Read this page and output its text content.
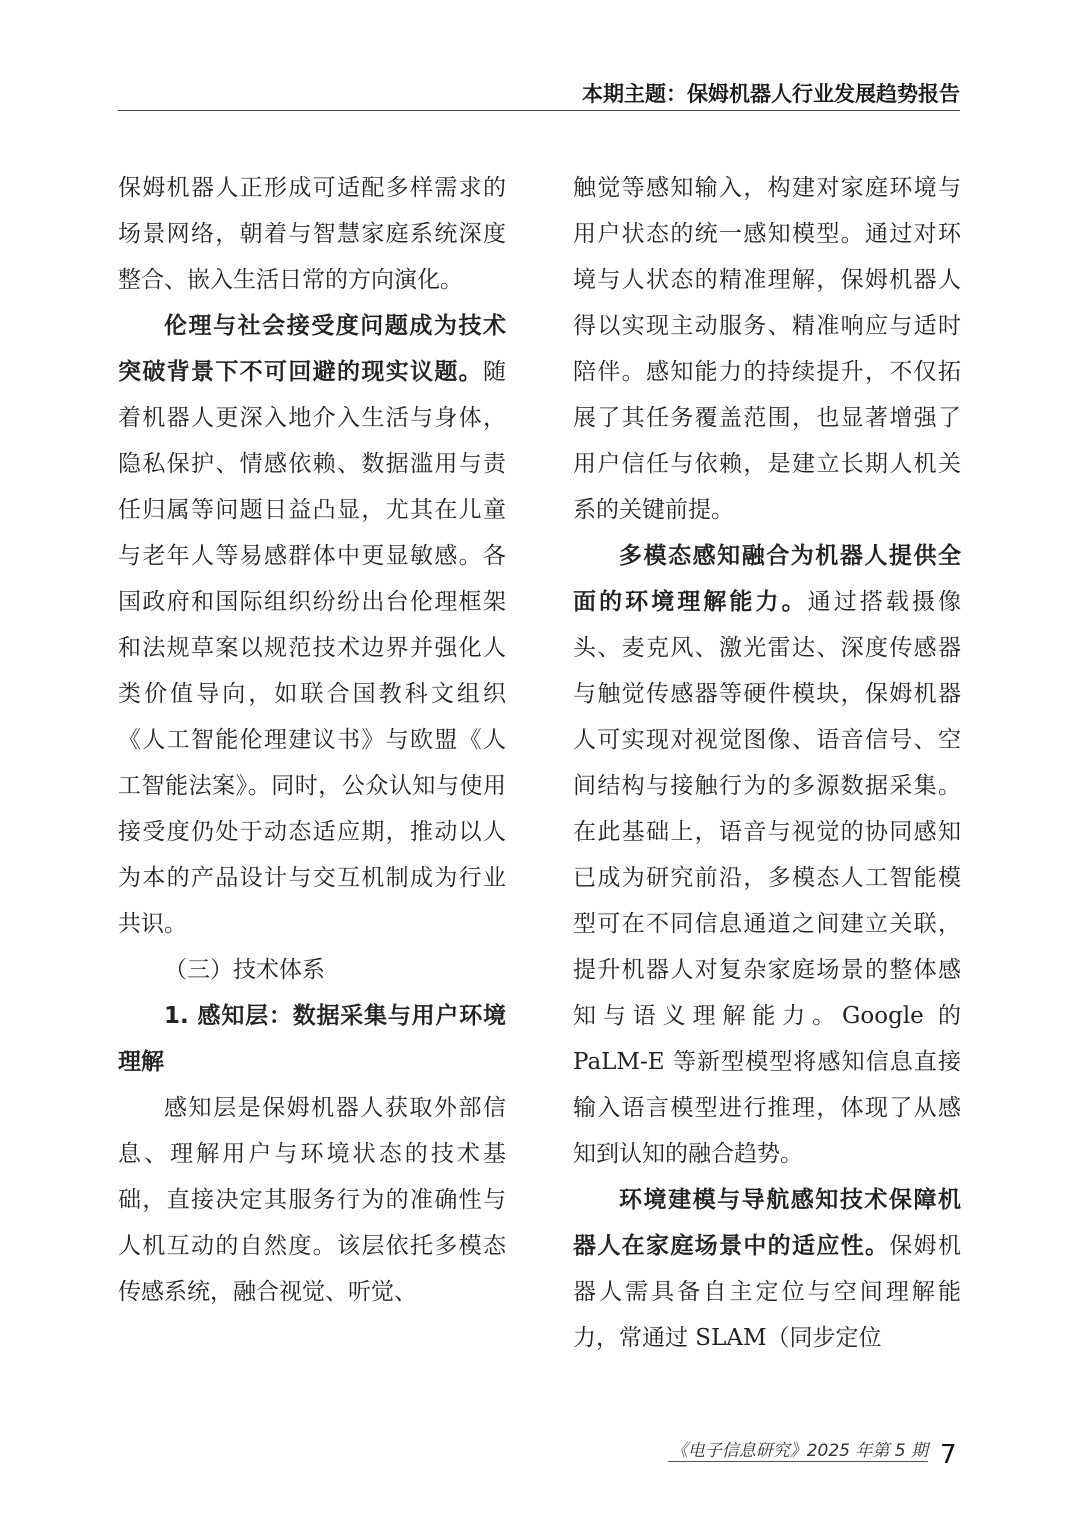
本期主题：保姆机器人行业发展趋势报告

保姆机器人正形成可适配多样需求的场景网络，朝着与智慧家庭系统深度整合、嵌入生活日常的方向演化。

伦理与社会接受度问题成为技术突破背景下不可回避的现实议题。随着机器人更深入地介入生活与身体，隐私保护、情感依赖、数据滥用与责任归属等问题日益凸显，尤其在儿童与老年人等易感群体中更显敏感。各国政府和国际组织纷纷出台伦理框架和法规草案以规范技术边界并强化人类价值导向，如联合国教科文组织《人工智能伦理建议书》与欧盟《人工智能法案》。同时，公众认知与使用接受度仍处于动态适应期，推动以人为本的产品设计与交互机制成为行业共识。

（三）技术体系

1. 感知层：数据采集与用户环境理解

感知层是保姆机器人获取外部信息、理解用户与环境状态的技术基础，直接决定其服务行为的准确性与人机互动的自然度。该层依托多模态传感系统，融合视觉、听觉、

触觉等感知输入，构建对家庭环境与用户状态的统一感知模型。通过对环境与人状态的精准理解，保姆机器人得以实现主动服务、精准响应与适时陪伴。感知能力的持续提升，不仅拓展了其任务覆盖范围，也显著增强了用户信任与依赖，是建立长期人机关系的关键前提。

多模态感知融合为机器人提供全面的环境理解能力。通过搭载摄像头、麦克风、激光雷达、深度传感器与触觉传感器等硬件模块，保姆机器人可实现对视觉图像、语音信号、空间结构与接触行为的多源数据采集。在此基础上，语音与视觉的协同感知已成为研究前沿，多模态人工智能模型可在不同信息通道之间建立关联，提升机器人对复杂家庭场景的整体感知与语义理解能力。Google 的 PaLM-E 等新型模型将感知信息直接输入语言模型进行推理，体现了从感知到认知的融合趋势。

环境建模与导航感知技术保障机器人在家庭场景中的适应性。保姆机器人需具备自主定位与空间理解能力，常通过 SLAM（同步定位

《电子信息研究》2025 年第 5 期 7
